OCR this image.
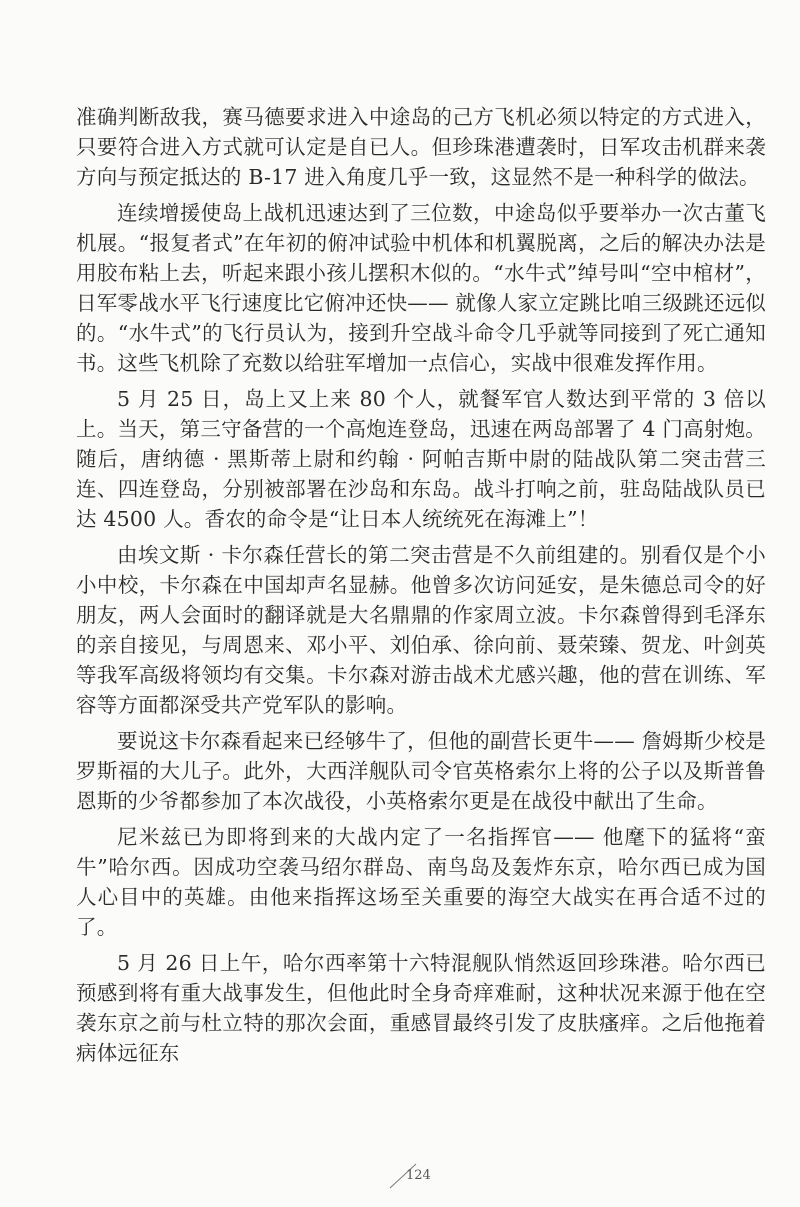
准确判断敌我，赛马德要求进入中途岛的己方飞机必须以特定的方式进入，只要符合进入方式就可认定是自已人。但珍珠港遭袭时，日军攻击机群来袭方向与预定抵达的 B-17 进入角度几乎一致，这显然不是一种科学的做法。

连续增援使岛上战机迅速达到了三位数，中途岛似乎要举办一次古董飞机展。“报复者式”在年初的俯冲试验中机体和机翼脱离，之后的解决办法是用胶布粘上去，听起来跟小孩儿摆积木似的。“水牛式”绰号叫“空中棺材”，日军零战水平飞行速度比它俯冲还快—— 就像人家立定跳比咱三级跳还远似的。“水牛式”的飞行员认为，接到升空战斗命令几乎就等同接到了死亡通知书。这些飞机除了充数以给驻军增加一点信心，实战中很难发挥作用。

5 月 25 日，岛上又上来 80 个人，就餐军官人数达到平常的 3 倍以上。当天，第三守备营的一个高炮连登岛，迅速在两岛部署了 4 门高射炮。随后，唐纳德 · 黑斯蒂上尉和约翰 · 阿帕吉斯中尉的陆战队第二突击营三连、四连登岛，分别被部署在沙岛和东岛。战斗打响之前，驻岛陆战队员已达 4500 人。香农的命令是“让日本人统统死在海滩上”！

由埃文斯 · 卡尔森任营长的第二突击营是不久前组建的。别看仅是个小小中校，卡尔森在中国却声名显赫。他曾多次访问延安，是朱德总司令的好朋友，两人会面时的翻译就是大名鼎鼎的作家周立波。卡尔森曾得到毛泽东的亲自接见，与周恩来、邓小平、刘伯承、徐向前、聂荣臻、贺龙、叶剑英等我军高级将领均有交集。卡尔森对游击战术尤感兴趣，他的营在训练、军容等方面都深受共产党军队的影响。

要说这卡尔森看起来已经够牛了，但他的副营长更牛—— 詹姆斯少校是罗斯福的大儿子。此外，大西洋舰队司令官英格索尔上将的公子以及斯普鲁恩斯的少爷都参加了本次战役，小英格索尔更是在战役中献出了生命。

尼米兹已为即将到来的大战内定了一名指挥官—— 他麾下的猛将“蛮牛”哈尔西。因成功空袭马绍尔群岛、南鸟岛及轰炸东京，哈尔西已成为国人心目中的英雄。由他来指挥这场至关重要的海空大战实在再合适不过的了。

5 月 26 日上午，哈尔西率第十六特混舰队悄然返回珍珠港。哈尔西已预感到将有重大战事发生，但他此时全身奇痒难耐，这种状况来源于他在空袭东京之前与杜立特的那次会面，重感冒最终引发了皮肤瘙痒。之后他拖着病体远征东

124
